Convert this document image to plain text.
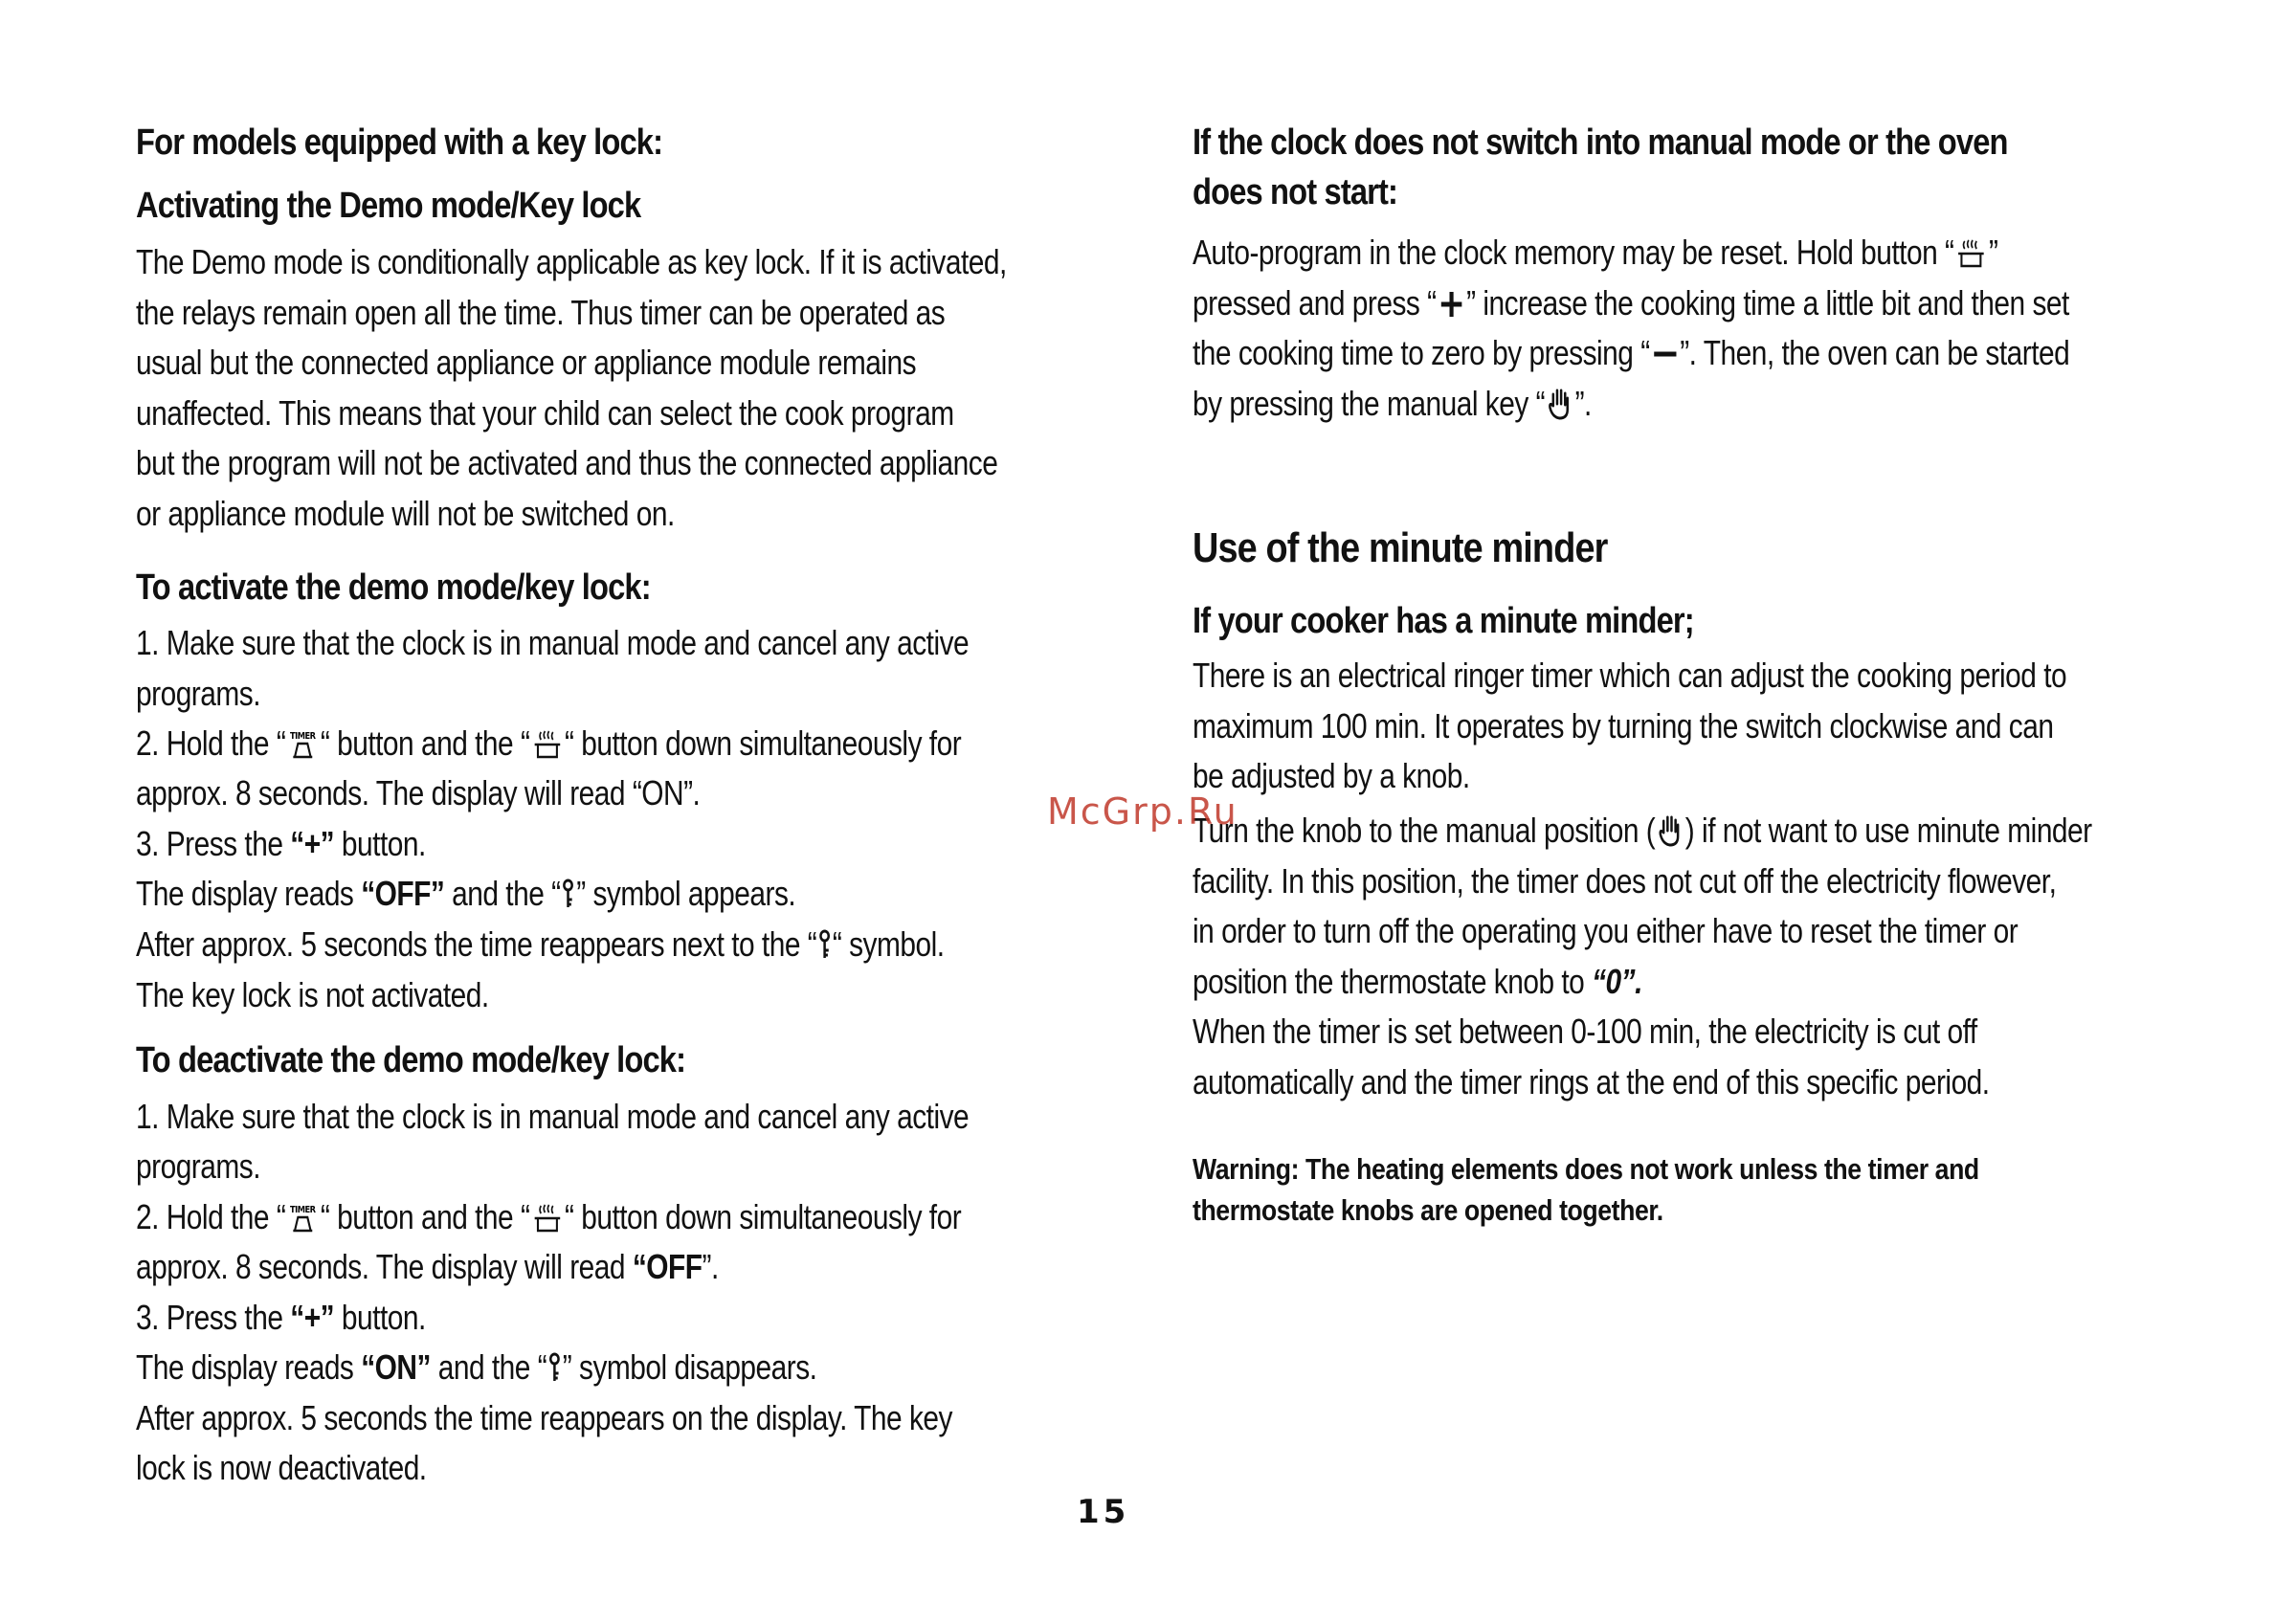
For models equipped with a key lock:
Activating the Demo mode/Key lock
The Demo mode is conditionally applicable as key lock. If it is activated,
the relays remain open all the time. Thus timer can be operated as
usual but the connected appliance or appliance module remains
unaffected. This means that your child can select the cook program
but the program will not be activated and thus the connected appliance
or appliance module will not be switched on.
To activate the demo mode/key lock:
1. Make sure that the clock is in manual mode and cancel any active
programs.
2. Hold the “ TIMER “ button and the “ “ button down simultaneously for
approx. 8 seconds. The display will read “ON”.
3. Press the “+” button.
The display reads “OFF” and the “ ” symbol appears.
After approx. 5 seconds the time reappears next to the “ “ symbol.
The key lock is not activated.
To deactivate the demo mode/key lock:
1. Make sure that the clock is in manual mode and cancel any active
programs.
2. Hold the “ TIMER “ button and the “ “ button down simultaneously for
approx. 8 seconds. The display will read “OFF”.
3. Press the “+” button.
The display reads “ON” and the “ ” symbol disappears.
After approx. 5 seconds the time reappears on the display. The key
lock is now deactivated.
If the clock does not switch into manual mode or the oven
does not start:
Auto-program in the clock memory may be reset. Hold button “ ”
pressed and press “ ” increase the cooking time a little bit and then set
the cooking time to zero by pressing “ ”. Then, the oven can be started
by pressing the manual key “ ”.
Use of the minute minder
If your cooker has a minute minder;
There is an electrical ringer timer which can adjust the cooking period to
maximum 100 min. It operates by turning the switch clockwise and can
be adjusted by a knob.
Turn the knob to the manual position ( ) if not want to use minute minder
facility. In this position, the timer does not cut off the electricity flowever,
in order to turn off the operating you either have to reset the timer or
position the thermostate knob to “0”.
When the timer is set between 0-100 min, the electricity is cut off
automatically and the timer rings at the end of this specific period.
Warning: The heating elements does not work unless the timer and
thermostate knobs are opened together.
McGrp.Ru
15
